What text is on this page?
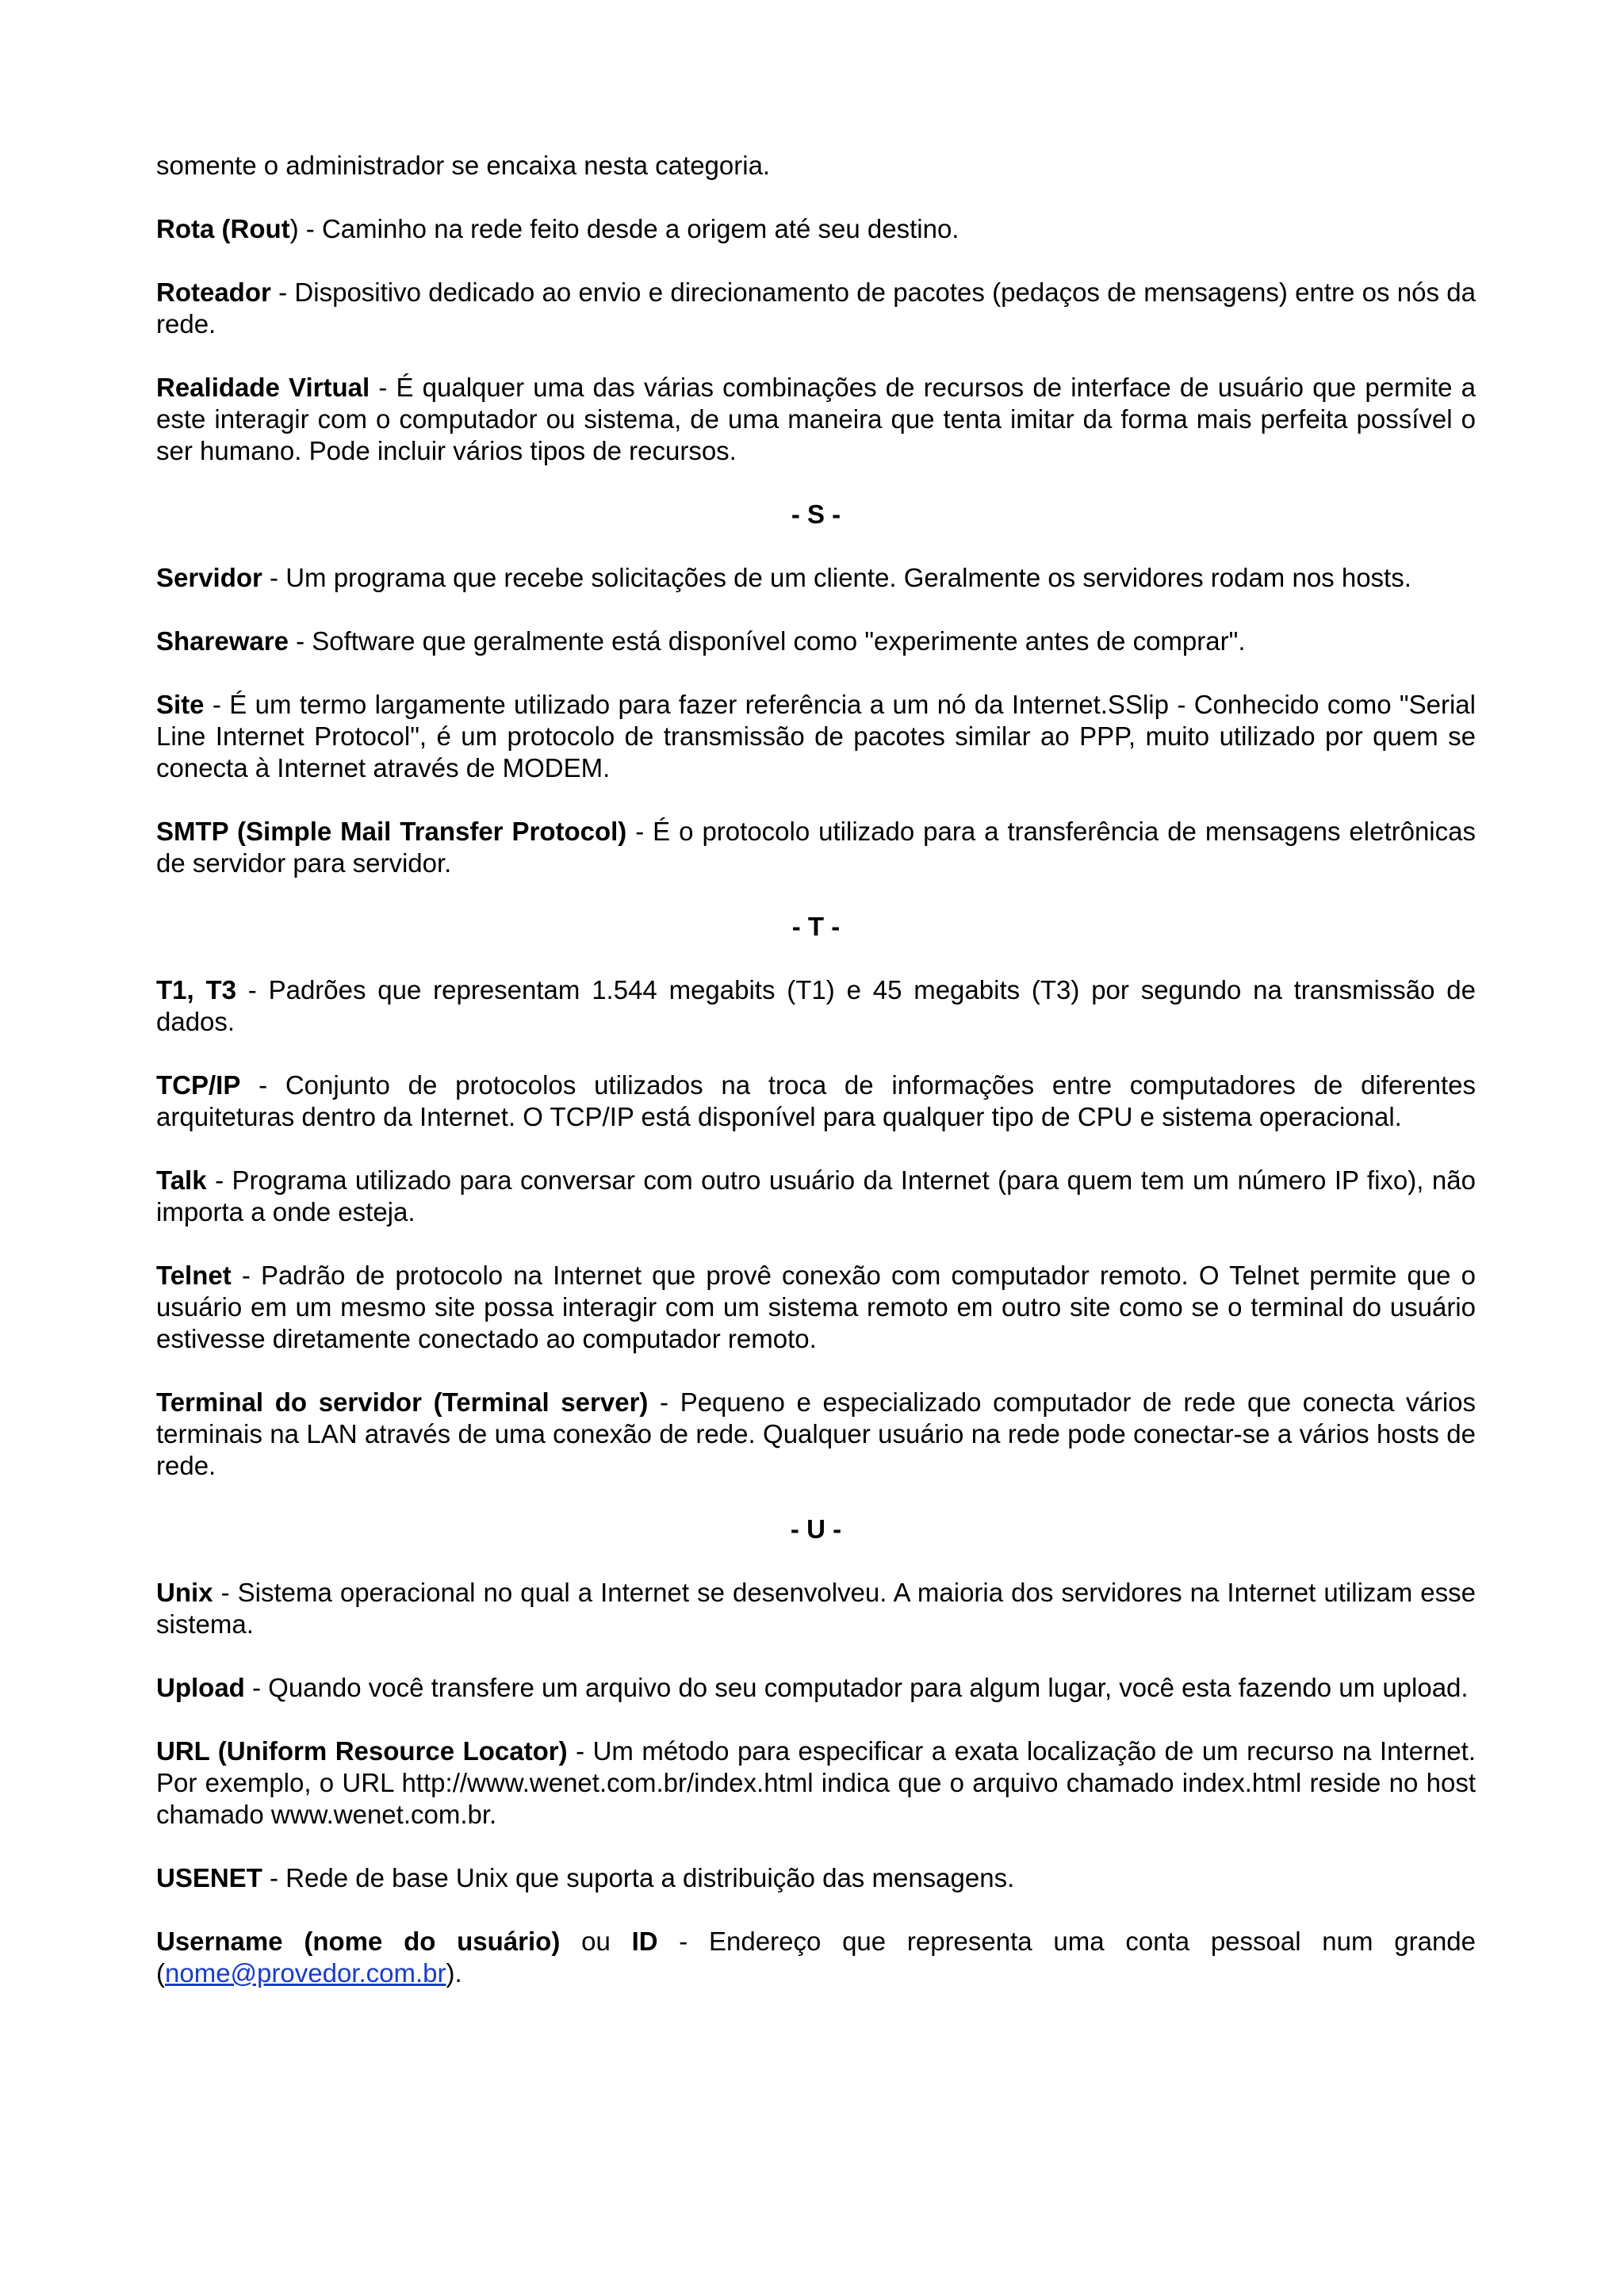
somente o administrador se encaixa nesta categoria.

Rota (Rout) - Caminho na rede feito desde a origem até seu destino.

Roteador - Dispositivo dedicado ao envio e direcionamento de pacotes (pedaços de mensagens) entre os nós da rede.

Realidade Virtual - É qualquer uma das várias combinações de recursos de interface de usuário que permite a este interagir com o computador ou sistema, de uma maneira que tenta imitar da forma mais perfeita possível o ser humano. Pode incluir vários tipos de recursos.

- S -

Servidor - Um programa que recebe solicitações de um cliente. Geralmente os servidores rodam nos hosts.

Shareware - Software que geralmente está disponível como "experimente antes de comprar".

Site - É um termo largamente utilizado para fazer referência a um nó da Internet.SSlip - Conhecido como "Serial Line Internet Protocol", é um protocolo de transmissão de pacotes similar ao PPP, muito utilizado por quem se conecta à Internet através de MODEM.

SMTP (Simple Mail Transfer Protocol) - É o protocolo utilizado para a transferência de mensagens eletrônicas de servidor para servidor.

- T -

T1, T3 - Padrões que representam 1.544 megabits (T1) e 45 megabits (T3) por segundo na transmissão de dados.

TCP/IP - Conjunto de protocolos utilizados na troca de informações entre computadores de diferentes arquiteturas dentro da Internet. O TCP/IP está disponível para qualquer tipo de CPU e sistema operacional.

Talk - Programa utilizado para conversar com outro usuário da Internet (para quem tem um número IP fixo), não importa a onde esteja.

Telnet - Padrão de protocolo na Internet que provê conexão com computador remoto. O Telnet permite que o usuário em um mesmo site possa interagir com um sistema remoto em outro site como se o terminal do usuário estivesse diretamente conectado ao computador remoto.

Terminal do servidor (Terminal server) - Pequeno e especializado computador de rede que conecta vários terminais na LAN através de uma conexão de rede. Qualquer usuário na rede pode conectar-se a vários hosts de rede.

- U -

Unix - Sistema operacional no qual a Internet se desenvolveu. A maioria dos servidores na Internet utilizam esse sistema.

Upload - Quando você transfere um arquivo do seu computador para algum lugar, você esta fazendo um upload.

URL (Uniform Resource Locator) - Um método para especificar a exata localização de um recurso na Internet. Por exemplo, o URL http://www.wenet.com.br/index.html indica que o arquivo chamado index.html reside no host chamado www.wenet.com.br.

USENET - Rede de base Unix que suporta a distribuição das mensagens.

Username (nome do usuário) ou ID - Endereço que representa uma conta pessoal num grande (nome@provedor.com.br).
